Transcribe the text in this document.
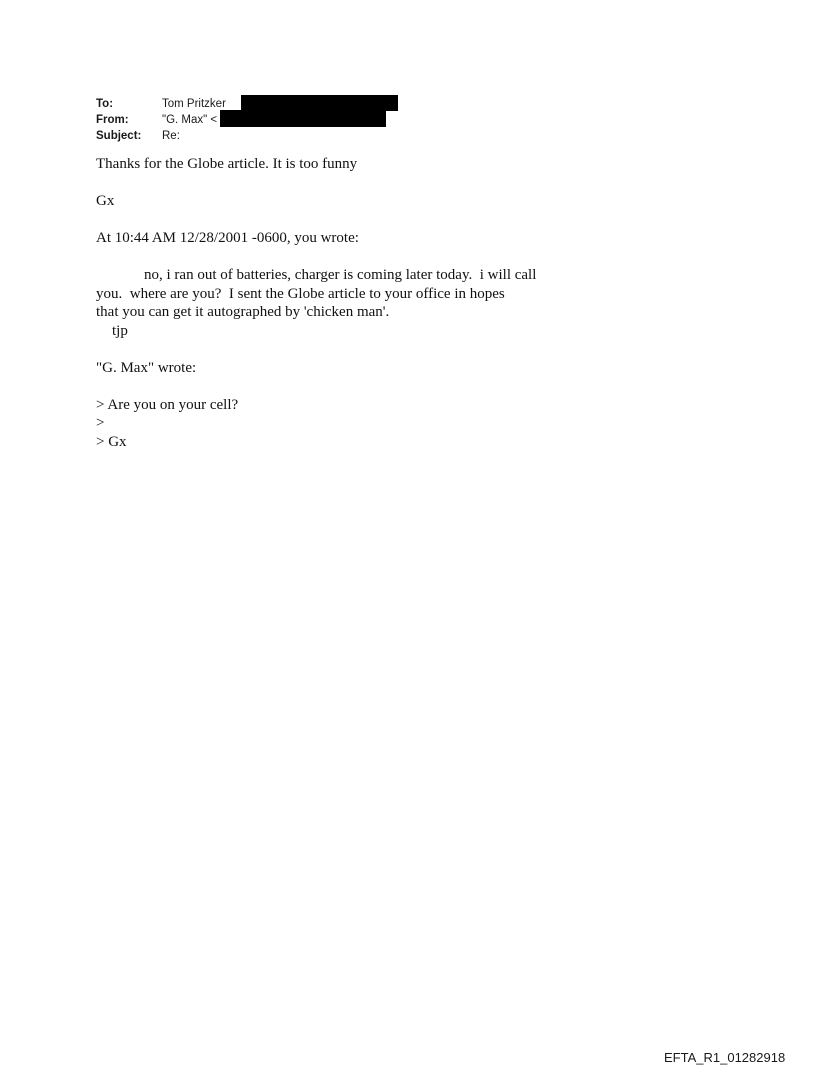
To:	Tom Pritzker
From:	"G. Max" <
Subject:	Re:
Thanks for the Globe article. It is too funny
Gx
At 10:44 AM 12/28/2001 -0600, you wrote:
no, i ran out of batteries, charger is coming later today.  i will call
you.  where are you?  I sent the Globe article to your office in hopes
that you can get it autographed by 'chicken man'.
tjp
"G. Max" wrote:
> Are you on your cell?
>
> Gx
EFTA_R1_01282918
